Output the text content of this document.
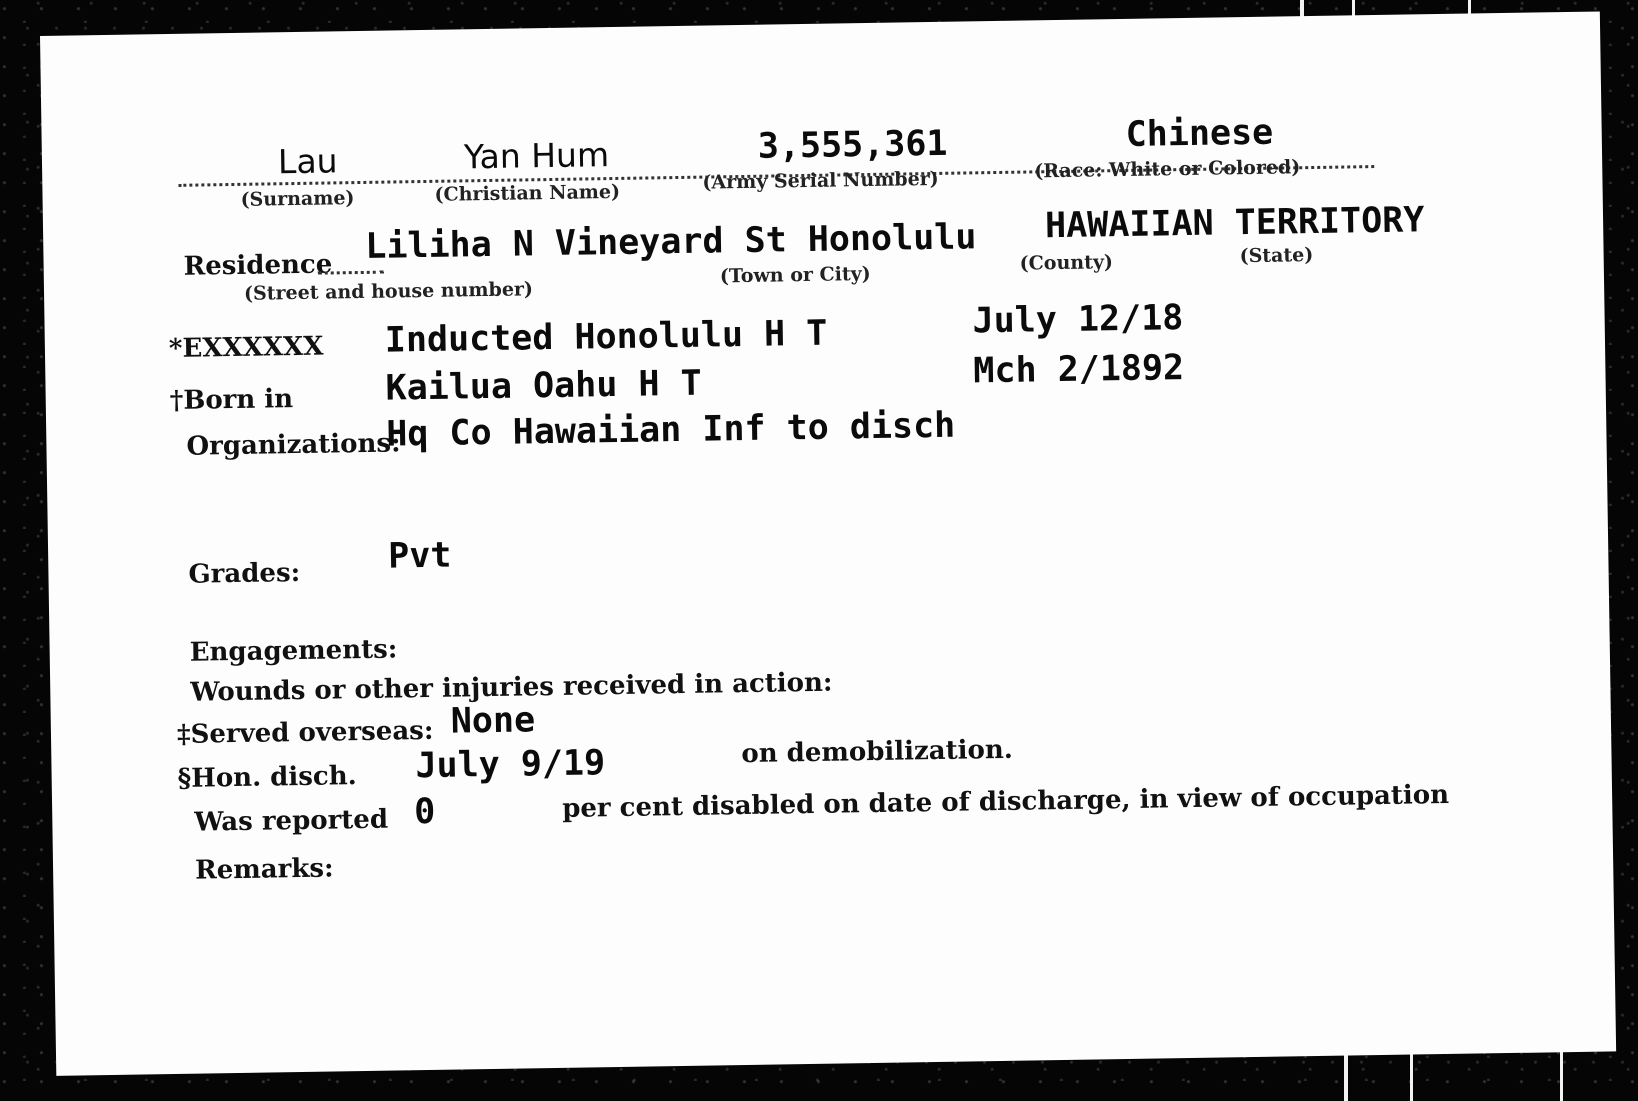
Lau	Yan Hum	3,555,361	Chinese
(Surname)	(Christian Name)	(Army Serial Number)	(Race: White or Colored)
Residence Liliha N Vineyard St Honolulu HAWAIIAN TERRITORY
(Street and house number)
(Town or City)
(County)	(State)
*EXXXXXX Inducted Honolulu H T	July 12/18
†Born in	Kailua Oahu H T	Mch 2/1892
Organizations:
Hq Co Hawaiian Inf to disch
Grades: Pvt
Engagements:
Wounds or other injuries received in action:
‡Served overseas: None
§Hon. disch. July 9/19	on demobilization.
Was reported 0	per cent disabled on date of discharge, in view of occupation
Remarks:
